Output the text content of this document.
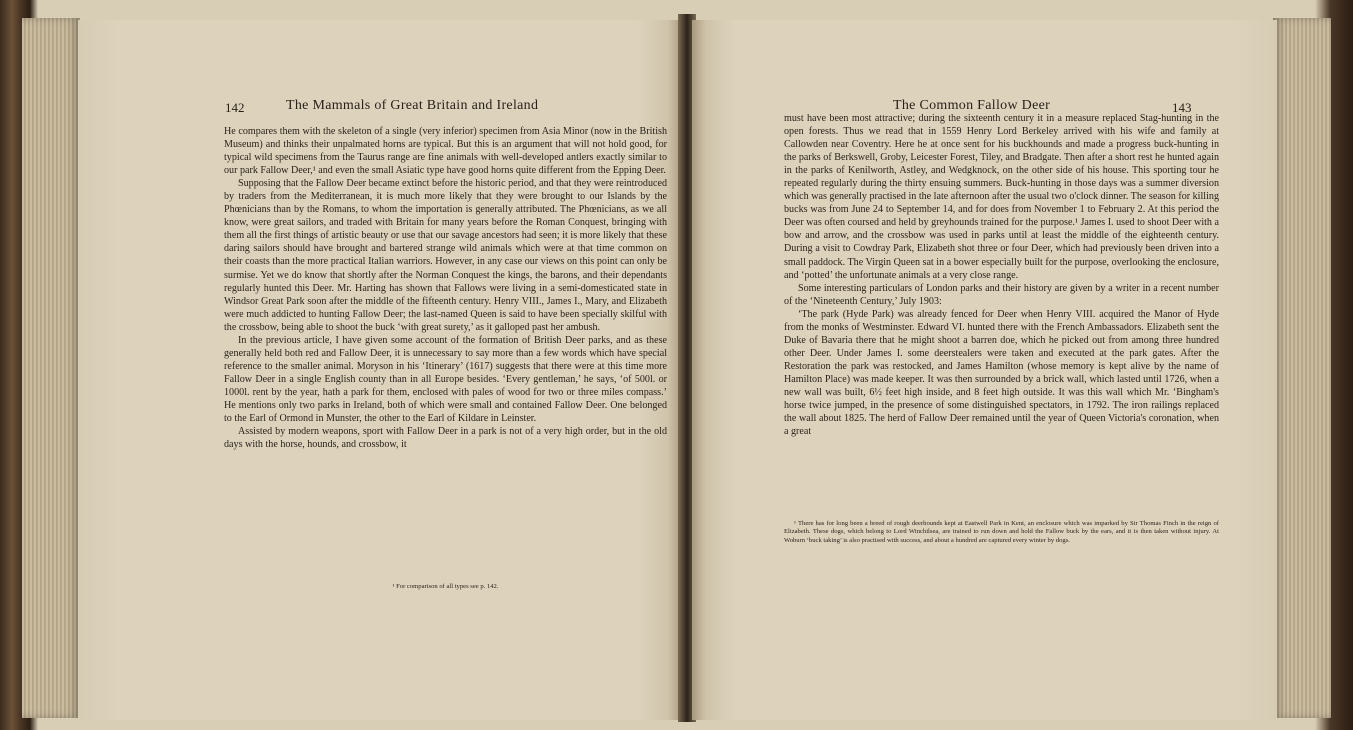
142	The Mammals of Great Britain and Ireland

He compares them with the skeleton of a single (very inferior) specimen from Asia Minor (now in the British Museum) and thinks their unpalmated horns are typical. But this is an argument that will not hold good, for typical wild specimens from the Taurus range are fine animals with well-developed antlers exactly similar to our park Fallow Deer,¹ and even the small Asiatic type have good horns quite different from the Epping Deer.

Supposing that the Fallow Deer became extinct before the historic period, and that they were reintroduced by traders from the Mediterranean, it is much more likely that they were brought to our Islands by the Phœnicians than by the Romans, to whom the importation is generally attributed. The Phœnicians, as we all know, were great sailors, and traded with Britain for many years before the Roman Conquest, bringing with them all the first things of artistic beauty or use that our savage ancestors had seen; it is more likely that these daring sailors should have brought and bartered strange wild animals which were at that time common on their coasts than the more practical Italian warriors. However, in any case our views on this point can only be surmise. Yet we do know that shortly after the Norman Conquest the kings, the barons, and their dependants regularly hunted this Deer. Mr. Harting has shown that Fallows were living in a semi-domesticated state in Windsor Great Park soon after the middle of the fifteenth century. Henry VIII., James I., Mary, and Elizabeth were much addicted to hunting Fallow Deer; the last-named Queen is said to have been specially skilful with the crossbow, being able to shoot the buck ‘with great surety,’ as it galloped past her ambush.

In the previous article, I have given some account of the formation of British Deer parks, and as these generally held both red and Fallow Deer, it is unnecessary to say more than a few words which have special reference to the smaller animal. Moryson in his ‘Itinerary’ (1617) suggests that there were at this time more Fallow Deer in a single English county than in all Europe besides. ‘Every gentleman,’ he says, ‘of 500l. or 1000l. rent by the year, hath a park for them, enclosed with pales of wood for two or three miles compass.’ He mentions only two parks in Ireland, both of which were small and contained Fallow Deer. One belonged to the Earl of Ormond in Munster, the other to the Earl of Kildare in Leinster.

Assisted by modern weapons, sport with Fallow Deer in a park is not of a very high order, but in the old days with the horse, hounds, and crossbow, it

¹ For comparison of all types see p. 142.
The Common Fallow Deer	143

must have been most attractive; during the sixteenth century it in a measure replaced Stag-hunting in the open forests. Thus we read that in 1559 Henry Lord Berkeley arrived with his wife and family at Callowden near Coventry. Here he at once sent for his buckhounds and made a progress buck-hunting in the parks of Berkswell, Groby, Leicester Forest, Tiley, and Bradgate. Then after a short rest he hunted again in the parks of Kenilworth, Astley, and Wedgknock, on the other side of his house. This sporting tour he repeated regularly during the thirty ensuing summers. Buck-hunting in those days was a summer diversion which was generally practised in the late afternoon after the usual two o'clock dinner. The season for killing bucks was from June 24 to September 14, and for does from November 1 to February 2. At this period the Deer was often coursed and held by greyhounds trained for the purpose.¹ James I. used to shoot Deer with a bow and arrow, and the crossbow was used in parks until at least the middle of the eighteenth century. During a visit to Cowdray Park, Elizabeth shot three or four Deer, which had previously been driven into a small paddock. The Virgin Queen sat in a bower especially built for the purpose, overlooking the enclosure, and ‘potted’ the unfortunate animals at a very close range.

Some interesting particulars of London parks and their history are given by a writer in a recent number of the ‘Nineteenth Century,’ July 1903:

‘The park (Hyde Park) was already fenced for Deer when Henry VIII. acquired the Manor of Hyde from the monks of Westminster. Edward VI. hunted there with the French Ambassadors. Elizabeth sent the Duke of Bavaria there that he might shoot a barren doe, which he picked out from among three hundred other Deer. Under James I. some deerstealers were taken and executed at the park gates. After the Restoration the park was restocked, and James Hamilton (whose memory is kept alive by the name of Hamilton Place) was made keeper. It was then surrounded by a brick wall, which lasted until 1726, when a new wall was built, 6½ feet high inside, and 8 feet high outside. It was this wall which Mr. ‘Bingham's horse twice jumped, in the presence of some distinguished spectators, in 1792. The iron railings replaced the wall about 1825. The herd of Fallow Deer remained until the year of Queen Victoria's coronation, when a great

¹ There has for long been a breed of rough deerhounds kept at Eastwell Park in Kent, an enclosure which was imparked by Sir Thomas Finch in the reign of Elizabeth. These dogs, which belong to Lord Winchilsea, are trained to run down and hold the Fallow buck by the ears, and it is then taken without injury. At Woburn ‘buck taking’ is also practised with success, and about a hundred are captured every winter by dogs.
